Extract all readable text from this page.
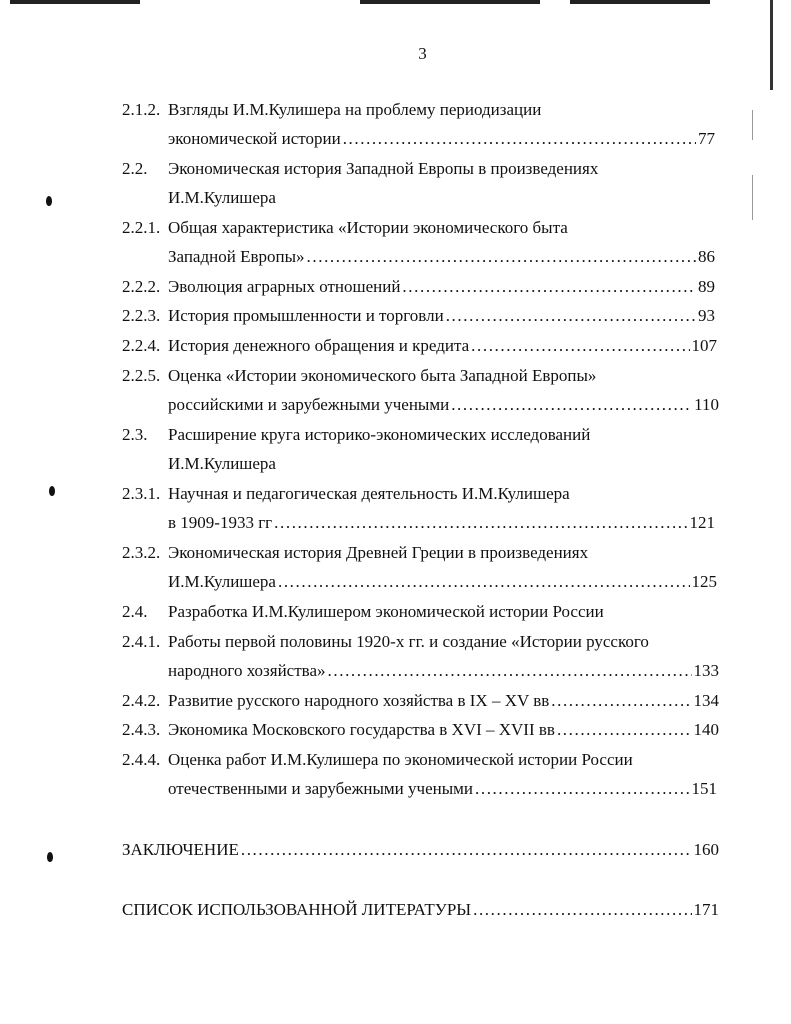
3
2.1.2. Взгляды И.М.Кулишера на проблему периодизации
экономической истории .....	77
2.2.	Экономическая история Западной Европы в произведениях
И.М.Кулишера
2.2.1. Общая характеристика «Истории экономического быта
Западной Европы» .....	86
2.2.2. Эволюция аграрных отношений .....	89
2.2.3. История промышленности и торговли .....	93
2.2.4. История денежного обращения и кредита .....	107
2.2.5. Оценка «Истории экономического быта Западной Европы»
российскими и зарубежными учеными .....	110
2.3.	Расширение круга историко-экономических исследований
И.М.Кулишера
2.3.1. Научная и педагогическая деятельность И.М.Кулишера
в 1909-1933 гг .....	121
2.3.2. Экономическая история Древней Греции в произведениях
И.М.Кулишера .....	125
2.4.	Разработка И.М.Кулишером экономической истории России
2.4.1. Работы первой половины 1920-х гг. и создание «Истории русского
народного хозяйства» .....	133
2.4.2. Развитие русского народного хозяйства в IX – XV вв .....	134
2.4.3. Экономика Московского государства в XVI – XVII вв .....	140
2.4.4. Оценка работ И.М.Кулишера по экономической истории России
отечественными и зарубежными учеными .....	151
ЗАКЛЮЧЕНИЕ .....	160
СПИСОК ИСПОЛЬЗОВАННОЙ ЛИТЕРАТУРЫ .....	171
